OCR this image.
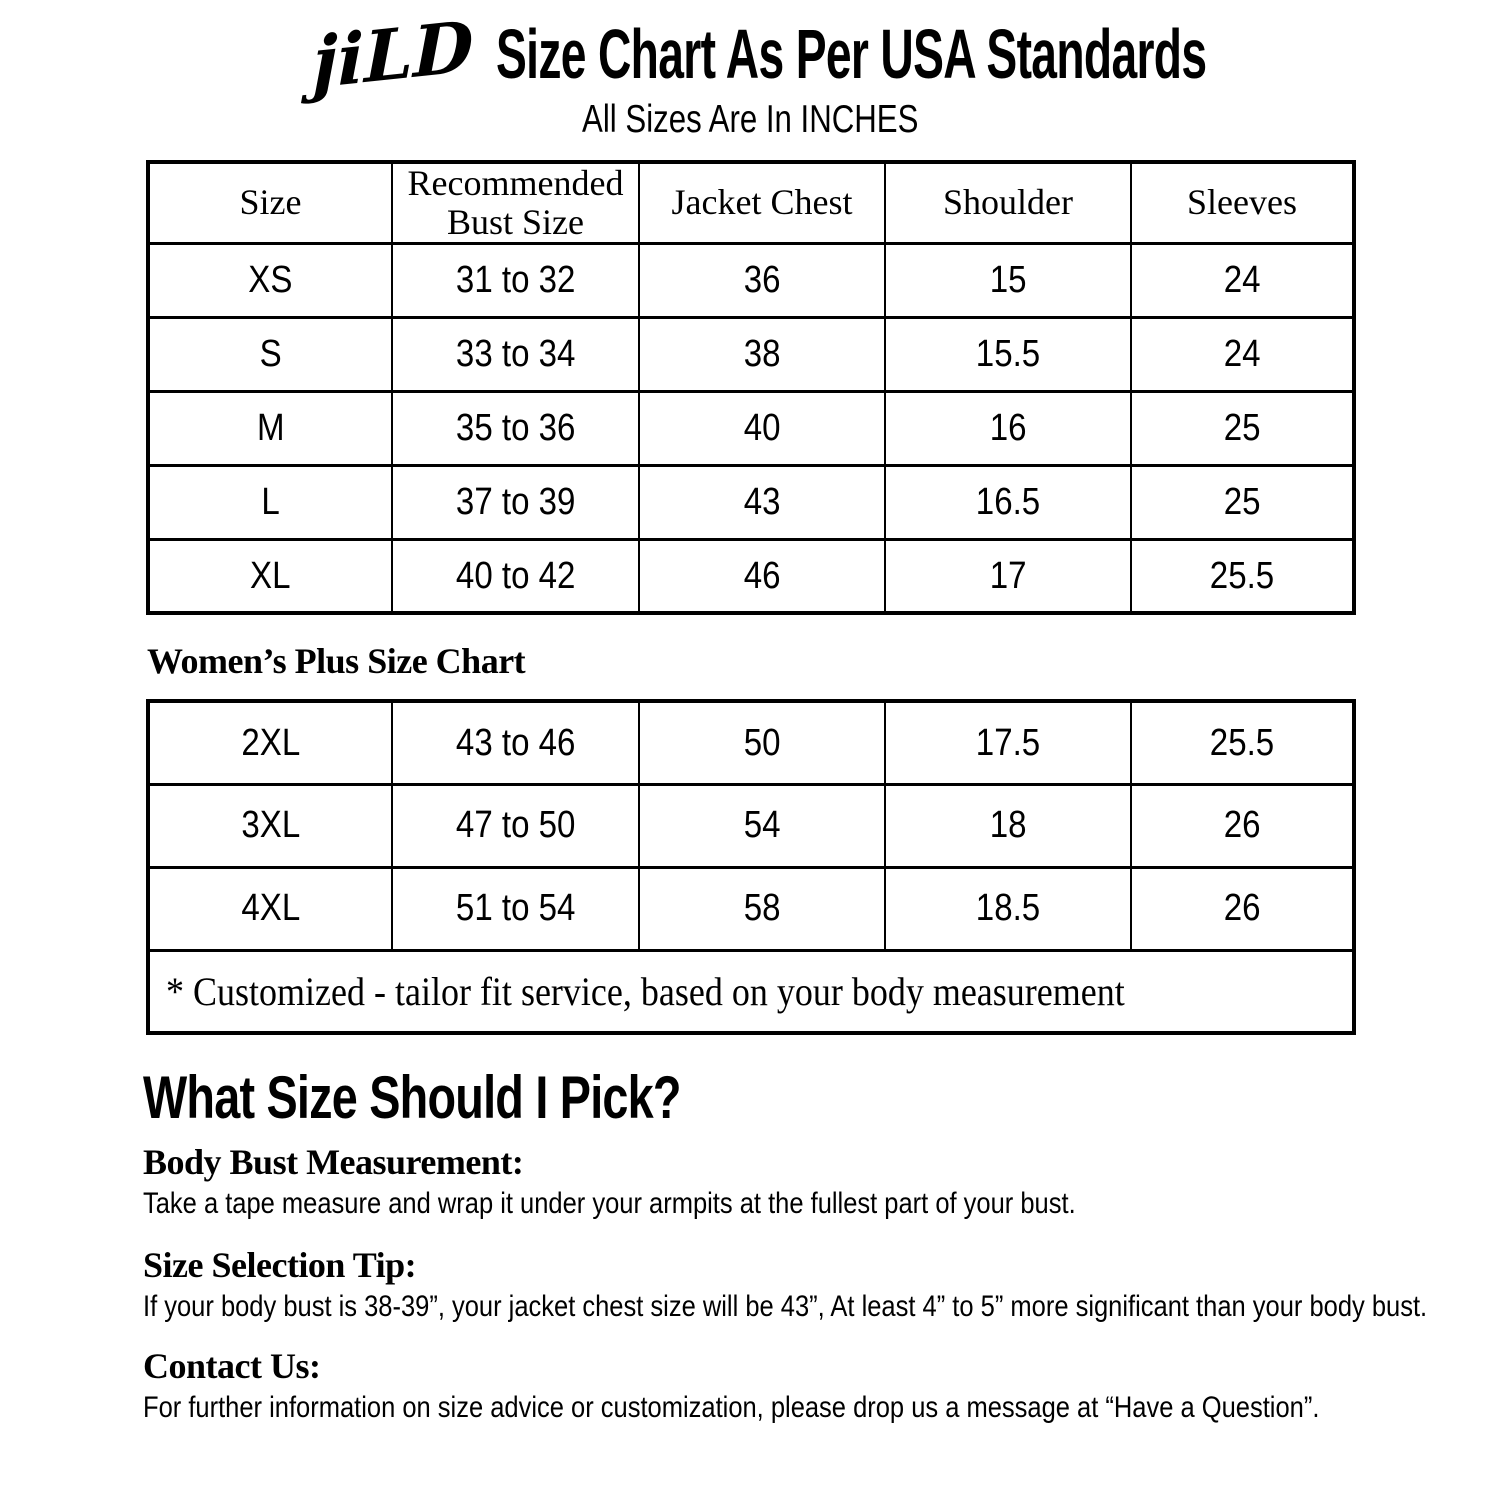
jiLD Size Chart As Per USA Standards
All Sizes Are In INCHES
Size	Recommended Bust Size	Jacket Chest	Shoulder	Sleeves
XS	31 to 32	36	15	24
S	33 to 34	38	15.5	24
M	35 to 36	40	16	25
L	37 to 39	43	16.5	25
XL	40 to 42	46	17	25.5
Women’s Plus Size Chart
2XL	43 to 46	50	17.5	25.5
3XL	47 to 50	54	18	26
4XL	51 to 54	58	18.5	26
* Customized - tailor fit service, based on your body measurement				
What Size Should I Pick?
Body Bust Measurement:
Take a tape measure and wrap it under your armpits at the fullest part of your bust.
Size Selection Tip:
If your body bust is 38-39”, your jacket chest size will be 43”, At least 4” to 5” more significant than your body bust.
Contact Us:
For further information on size advice or customization, please drop us a message at “Have a Question”.
